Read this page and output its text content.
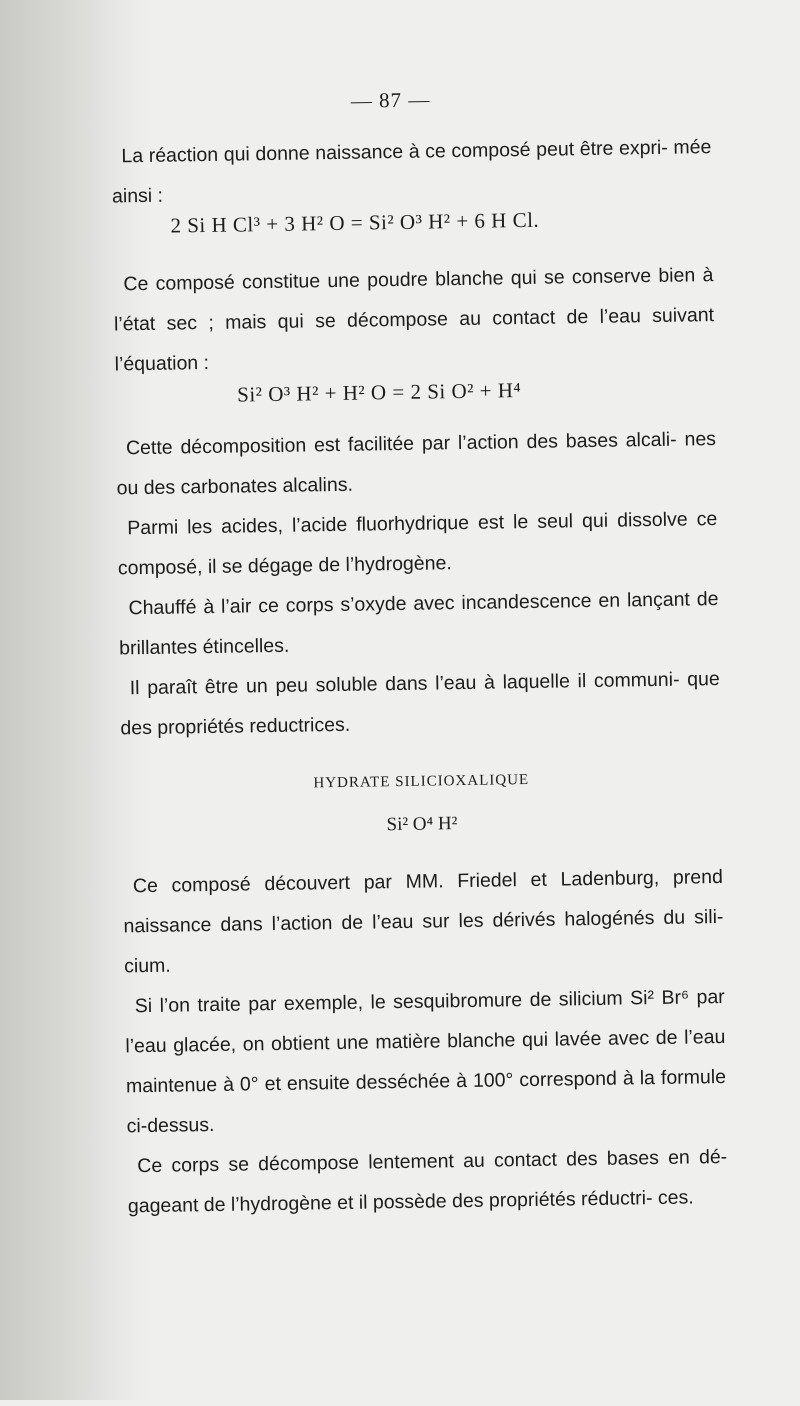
— 87 —

La réaction qui donne naissance à ce composé peut être expri- mée ainsi :

2 Si H Cl³ + 3 H² O = Si² O³ H² + 6 H Cl.

Ce composé constitue une poudre blanche qui se conserve bien à l’état sec ; mais qui se décompose au contact de l’eau suivant l’équation :

Si² O³ H² + H² O = 2 Si O² + H⁴

Cette décomposition est facilitée par l’action des bases alcali- nes ou des carbonates alcalins.

Parmi les acides, l’acide fluorhydrique est le seul qui dissolve ce composé, il se dégage de l’hydrogène.

Chauffé à l’air ce corps s’oxyde avec incandescence en lançant de brillantes étincelles.

Il paraît être un peu soluble dans l’eau à laquelle il communi- que des propriétés reductrices.

HYDRATE SILICIOXALIQUE
Si² O⁴ H²

Ce composé découvert par MM. Friedel et Ladenburg, prend naissance dans l’action de l’eau sur les dérivés halogénés du sili- cium.

Si l’on traite par exemple, le sesquibromure de silicium Si² Br⁶ par l’eau glacée, on obtient une matière blanche qui lavée avec de l’eau maintenue à 0° et ensuite desséchée à 100° correspond à la formule ci-dessus.

Ce corps se décompose lentement au contact des bases en dé- gageant de l’hydrogène et il possède des propriétés réductri- ces.
